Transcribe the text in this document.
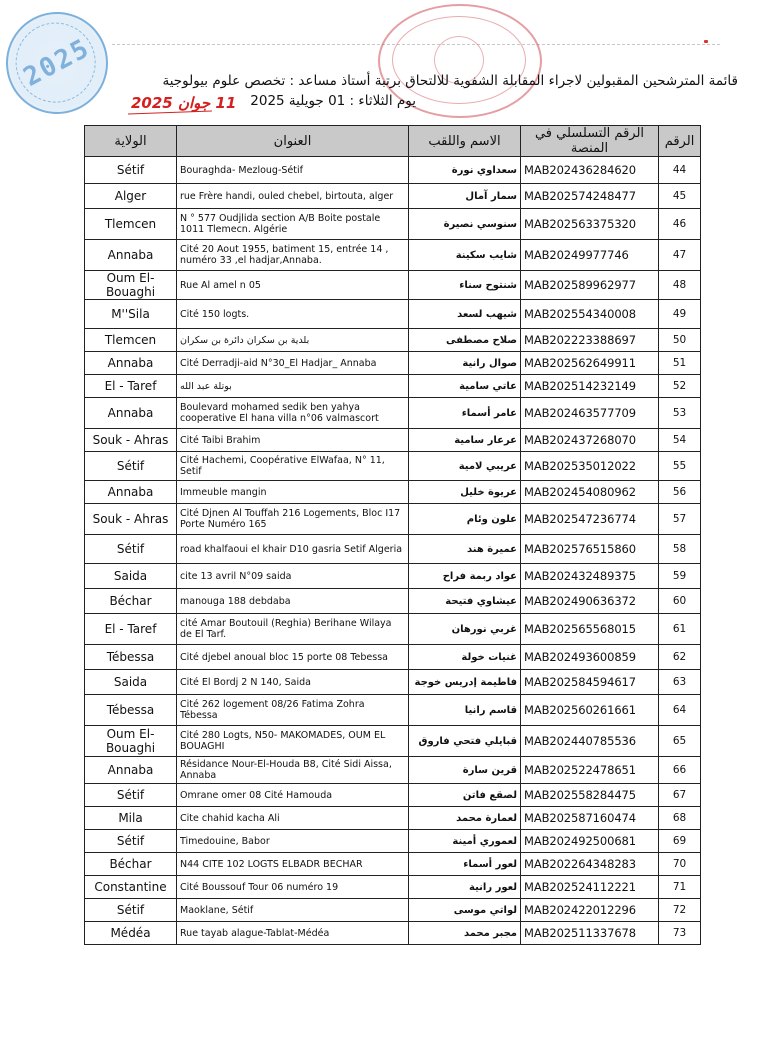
2025	قائمة المترشحين المقبولين لاجراء المقابلة الشفوية للالتحاق برتبة أستاذ مساعد : تخصص علوم بيولوجية
يوم الثلاثاء : 01 جويلية 2025
11 جوان 2025
الولاية	العنوان	الاسم واللقب	الرقم التسلسلي في المنصة	الرقم
Sétif	Bouraghda- Mezloug-Sétif	سعداوي نورة	MAB202436284620	44
Alger	rue Frère handi, ouled chebel, birtouta, alger	سمار آمال	MAB202574248477	45
Tlemcen	N ° 577 Oudjlida section A/B Boite postale 1011 Tlemecn. Algérie	سنوسي نصيرة	MAB202563375320	46
Annaba	Cité 20 Aout 1955, batiment 15, entrée 14 , numéro 33 ,el hadjar,Annaba.	شايب سكينة	MAB20249977746	47
Oum El-Bouaghi	Rue Al amel n 05	شنتوح سناء	MAB202589962977	48
M''Sila	Cité 150 logts.	شيهب لسعد	MAB202554340008	49
Tlemcen	بلدية بن سكران دائرة بن سكران	صلاح مصطفى	MAB202223388697	50
Annaba	Cité Derradji-aid N°30_El Hadjar_ Annaba	صوال رانية	MAB202562649911	51
El - Taref	بوتلة عبد الله	عاتي سامية	MAB202514232149	52
Annaba	Boulevard mohamed sedik ben yahya cooperative El hana villa n°06 valmascort	عامر أسماء	MAB202463577709	53
Souk - Ahras	Cité Taibi Brahim	عرعار سامية	MAB202437268070	54
Sétif	Cité Hachemi, Coopérative ElWafaa, N° 11, Setif	عريبي لامية	MAB202535012022	55
Annaba	Immeuble mangin	عريوة خليل	MAB202454080962	56
Souk - Ahras	Cité Djnen Al Touffah 216 Logements, Bloc I17 Porte Numéro 165	علون وئام	MAB202547236774	57
Sétif	road khalfaoui el khair D10 gasria Setif Algeria	عميرة هند	MAB202576515860	58
Saida	cite 13 avril N°09 saida	عواد ربمة فراح	MAB202432489375	59
Béchar	manouga 188 debdaba	عيشاوي فتيحة	MAB202490636372	60
El - Taref	cité Amar Boutouil (Reghia) Berihane Wilaya de El Tarf.	غربي نورهان	MAB202565568015	61
Tébessa	Cité djebel anoual bloc 15 porte 08 Tebessa	غنيات خولة	MAB202493600859	62
Saida	Cité El Bordj 2 N 140, Saida	فاطيمة إدريس خوجة	MAB202584594617	63
Tébessa	Cité 262 logement 08/26 Fatima Zohra Tébessa	قاسم رانيا	MAB202560261661	64
Oum El-Bouaghi	Cité 280 Logts, N50- MAKOMADES, OUM EL BOUAGHI	قبايلي فتحي فاروق	MAB202440785536	65
Annaba	Résidance Nour-El-Houda B8, Cité Sidi Aissa, Annaba	قرين سارة	MAB202522478651	66
Sétif	Omrane omer 08 Cité Hamouda	لصقع فاتن	MAB202558284475	67
Mila	Cite chahid kacha Ali	لعمارة محمد	MAB202587160474	68
Sétif	Timedouine, Babor	لعموري أمينة	MAB202492500681	69
Béchar	N44 CITE 102 LOGTS ELBADR BECHAR	لعور أسماء	MAB202264348283	70
Constantine	Cité Boussouf Tour 06 numéro 19	لعور رانية	MAB202524112221	71
Sétif	Maoklane, Sétif	لواتي موسى	MAB202422012296	72
Médéa	Rue tayab alague-Tablat-Médéa	مجبر محمد	MAB202511337678	73
